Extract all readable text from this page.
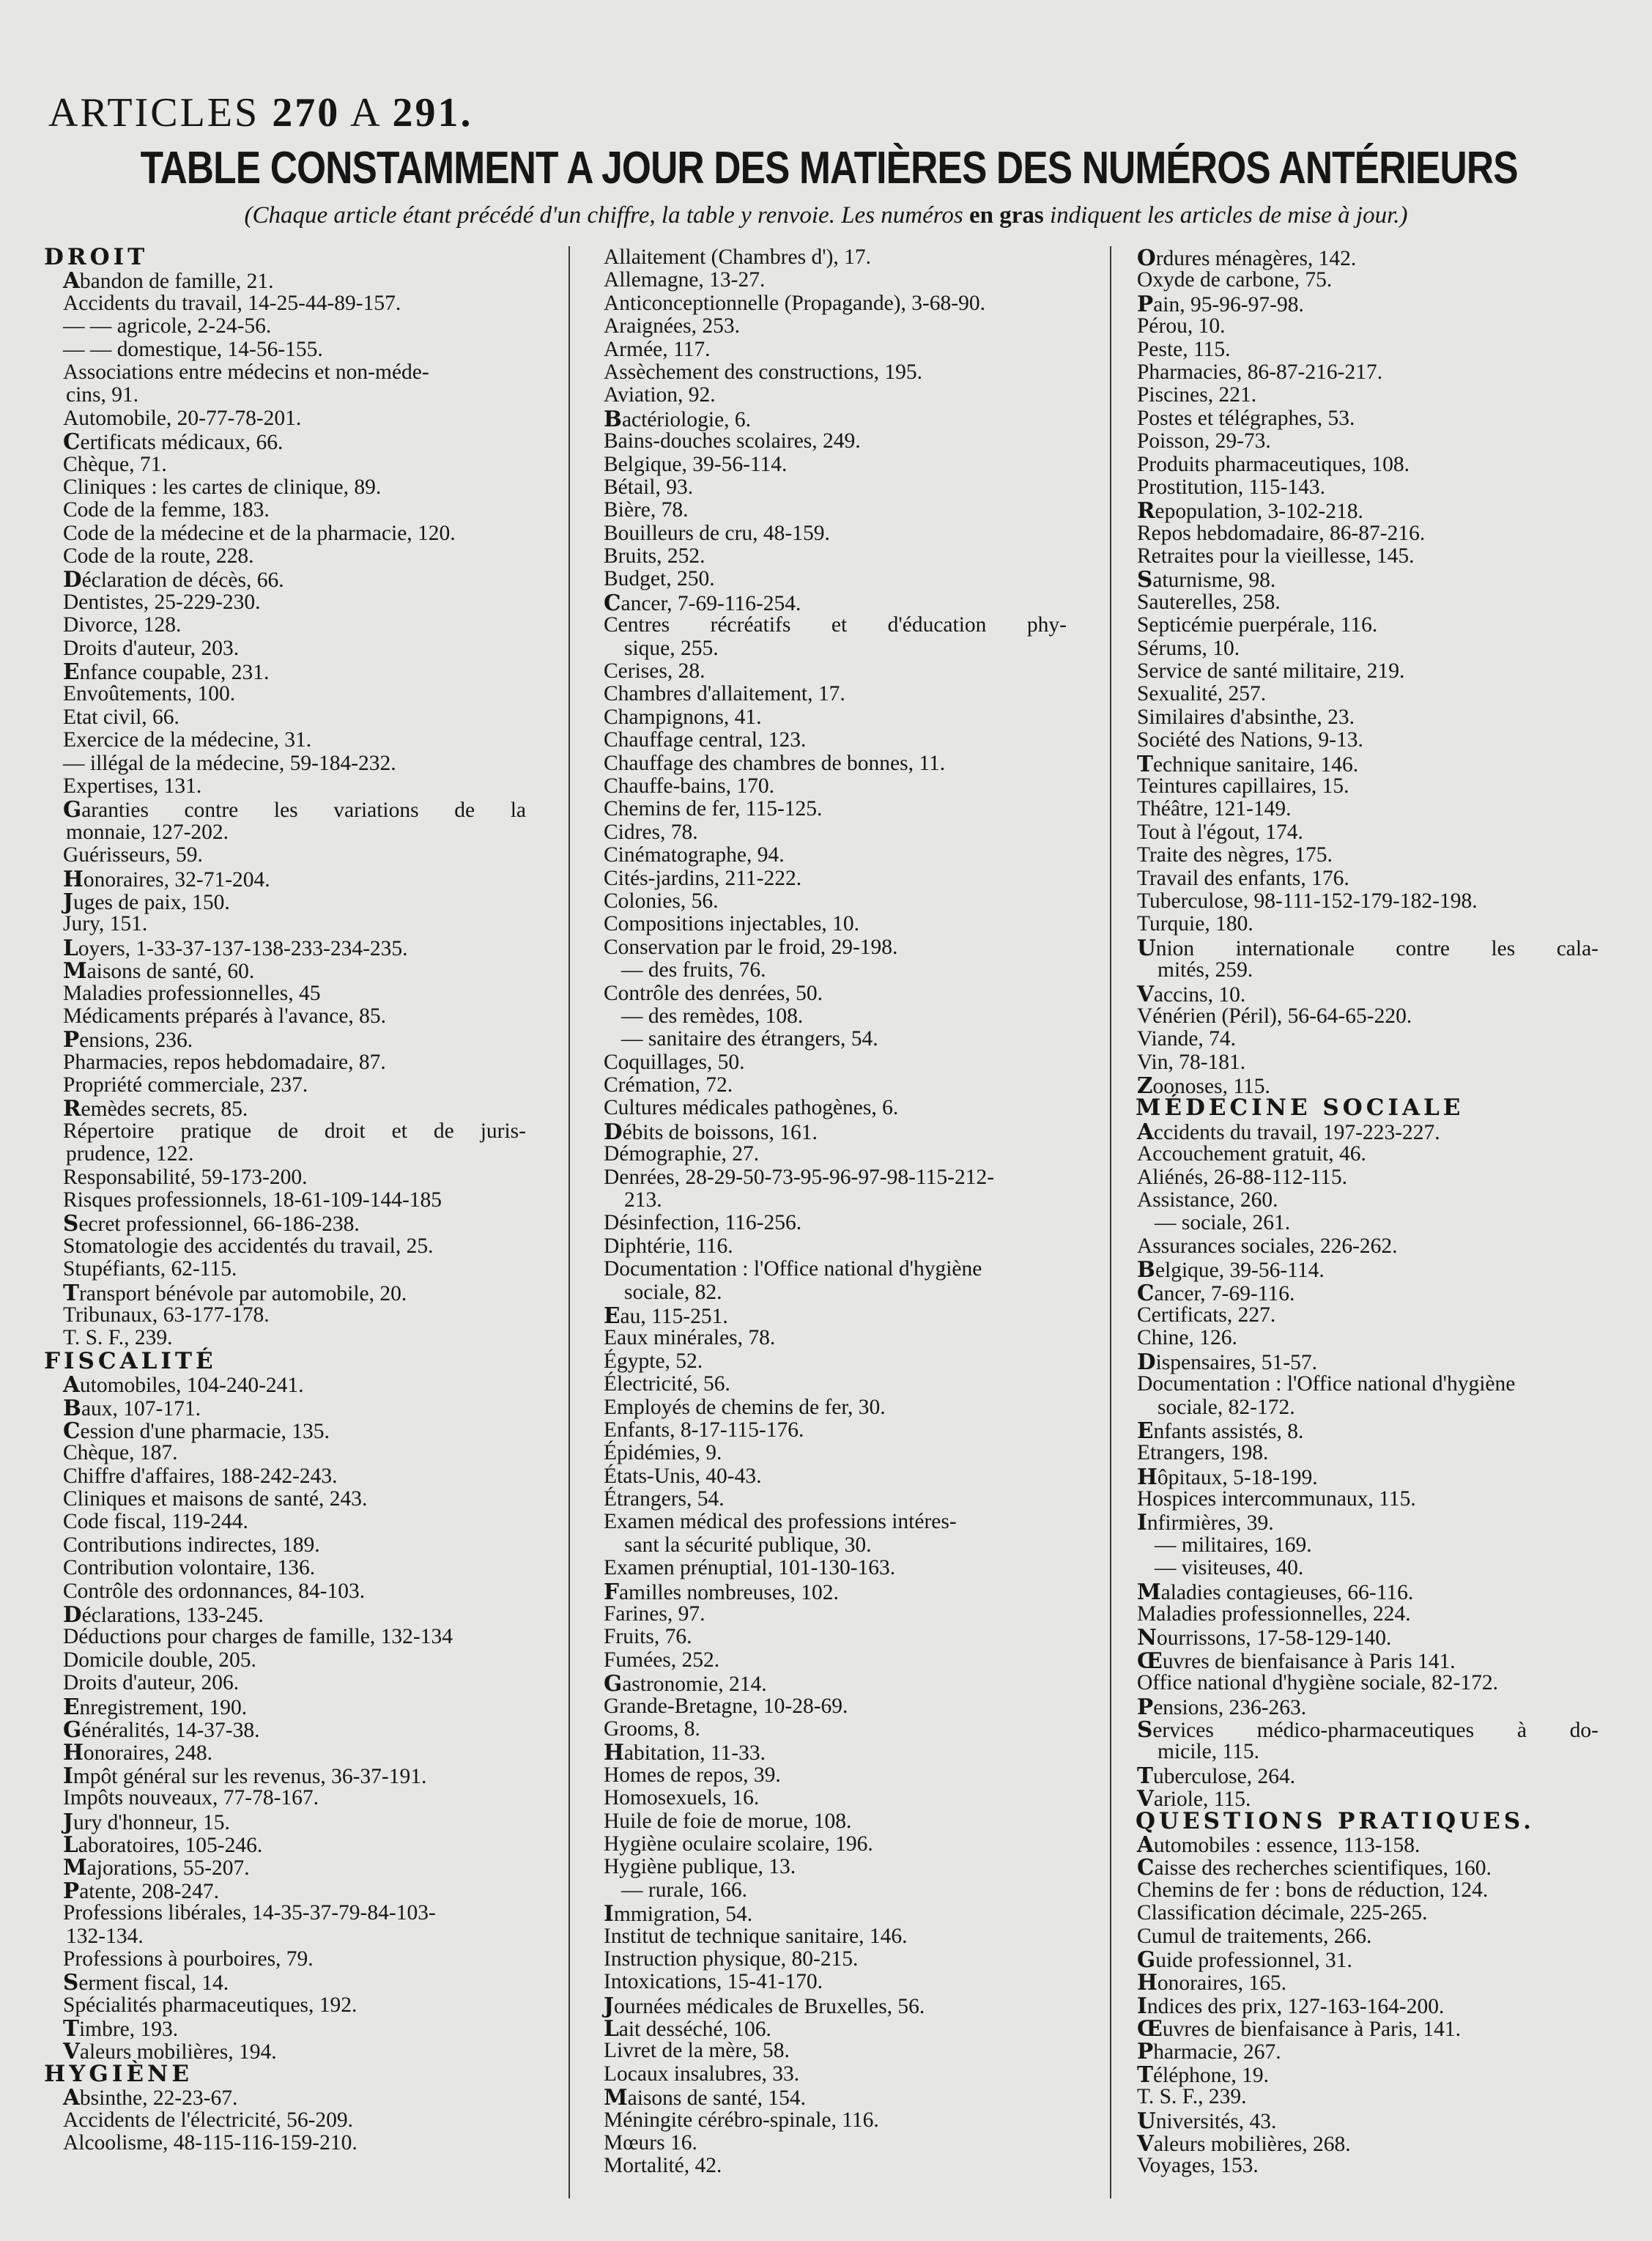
ARTICLES 270 A 291.
TABLE CONSTAMMENT A JOUR DES MATIÈRES DES NUMÉROS ANTÉRIEURS
(Chaque article étant précédé d'un chiffre, la table y renvoie. Les numéros en gras indiquent les articles de mise à jour.)
DROIT
Abandon de famille, 21.
Accidents du travail, 14-25-44-89-157.
— — agricole, 2-24-56.
— — domestique, 14-56-155.
Associations entre médecins et non-méde-
cins, 91.
Automobile, 20-77-78-201.
Certificats médicaux, 66.
Chèque, 71.
Cliniques : les cartes de clinique, 89.
Code de la femme, 183.
Code de la médecine et de la pharmacie, 120.
Code de la route, 228.
Déclaration de décès, 66.
Dentistes, 25-229-230.
Divorce, 128.
Droits d'auteur, 203.
Enfance coupable, 231.
Envoûtements, 100.
Etat civil, 66.
Exercice de la médecine, 31.
— illégal de la médecine, 59-184-232.
Expertises, 131.
Garanties contre les variations de la
monnaie, 127-202.
Guérisseurs, 59.
Honoraires, 32-71-204.
Juges de paix, 150.
Jury, 151.
Loyers, 1-33-37-137-138-233-234-235.
Maisons de santé, 60.
Maladies professionnelles, 45
Médicaments préparés à l'avance, 85.
Pensions, 236.
Pharmacies, repos hebdomadaire, 87.
Propriété commerciale, 237.
Remèdes secrets, 85.
Répertoire pratique de droit et de juris-
prudence, 122.
Responsabilité, 59-173-200.
Risques professionnels, 18-61-109-144-185
Secret professionnel, 66-186-238.
Stomatologie des accidentés du travail, 25.
Stupéfiants, 62-115.
Transport bénévole par automobile, 20.
Tribunaux, 63-177-178.
T. S. F., 239.
FISCALITÉ
Automobiles, 104-240-241.
Baux, 107-171.
Cession d'une pharmacie, 135.
Chèque, 187.
Chiffre d'affaires, 188-242-243.
Cliniques et maisons de santé, 243.
Code fiscal, 119-244.
Contributions indirectes, 189.
Contribution volontaire, 136.
Contrôle des ordonnances, 84-103.
Déclarations, 133-245.
Déductions pour charges de famille, 132-134
Domicile double, 205.
Droits d'auteur, 206.
Enregistrement, 190.
Généralités, 14-37-38.
Honoraires, 248.
Impôt général sur les revenus, 36-37-191.
Impôts nouveaux, 77-78-167.
Jury d'honneur, 15.
Laboratoires, 105-246.
Majorations, 55-207.
Patente, 208-247.
Professions libérales, 14-35-37-79-84-103-
132-134.
Professions à pourboires, 79.
Serment fiscal, 14.
Spécialités pharmaceutiques, 192.
Timbre, 193.
Valeurs mobilières, 194.
HYGIÈNE
Absinthe, 22-23-67.
Accidents de l'électricité, 56-209.
Alcoolisme, 48-115-116-159-210.
Allaitement (Chambres d'), 17.
Allemagne, 13-27.
Anticonceptionnelle (Propagande), 3-68-90.
Araignées, 253.
Armée, 117.
Assèchement des constructions, 195.
Aviation, 92.
Bactériologie, 6.
Bains-douches scolaires, 249.
Belgique, 39-56-114.
Bétail, 93.
Bière, 78.
Bouilleurs de cru, 48-159.
Bruits, 252.
Budget, 250.
Cancer, 7-69-116-254.
Centres récréatifs et d'éducation phy-
sique, 255.
Cerises, 28.
Chambres d'allaitement, 17.
Champignons, 41.
Chauffage central, 123.
Chauffage des chambres de bonnes, 11.
Chauffe-bains, 170.
Chemins de fer, 115-125.
Cidres, 78.
Cinématographe, 94.
Cités-jardins, 211-222.
Colonies, 56.
Compositions injectables, 10.
Conservation par le froid, 29-198.
— des fruits, 76.
Contrôle des denrées, 50.
— des remèdes, 108.
— sanitaire des étrangers, 54.
Coquillages, 50.
Crémation, 72.
Cultures médicales pathogènes, 6.
Débits de boissons, 161.
Démographie, 27.
Denrées, 28-29-50-73-95-96-97-98-115-212-
213.
Désinfection, 116-256.
Diphtérie, 116.
Documentation : l'Office national d'hygiène
sociale, 82.
Eau, 115-251.
Eaux minérales, 78.
Égypte, 52.
Électricité, 56.
Employés de chemins de fer, 30.
Enfants, 8-17-115-176.
Épidémies, 9.
États-Unis, 40-43.
Étrangers, 54.
Examen médical des professions intéres-
sant la sécurité publique, 30.
Examen prénuptial, 101-130-163.
Familles nombreuses, 102.
Farines, 97.
Fruits, 76.
Fumées, 252.
Gastronomie, 214.
Grande-Bretagne, 10-28-69.
Grooms, 8.
Habitation, 11-33.
Homes de repos, 39.
Homosexuels, 16.
Huile de foie de morue, 108.
Hygiène oculaire scolaire, 196.
Hygiène publique, 13.
— rurale, 166.
Immigration, 54.
Institut de technique sanitaire, 146.
Instruction physique, 80-215.
Intoxications, 15-41-170.
Journées médicales de Bruxelles, 56.
Lait desséché, 106.
Livret de la mère, 58.
Locaux insalubres, 33.
Maisons de santé, 154.
Méningite cérébro-spinale, 116.
Mœurs 16.
Mortalité, 42.
Ordures ménagères, 142.
Oxyde de carbone, 75.
Pain, 95-96-97-98.
Pérou, 10.
Peste, 115.
Pharmacies, 86-87-216-217.
Piscines, 221.
Postes et télégraphes, 53.
Poisson, 29-73.
Produits pharmaceutiques, 108.
Prostitution, 115-143.
Repopulation, 3-102-218.
Repos hebdomadaire, 86-87-216.
Retraites pour la vieillesse, 145.
Saturnisme, 98.
Sauterelles, 258.
Septicémie puerpérale, 116.
Sérums, 10.
Service de santé militaire, 219.
Sexualité, 257.
Similaires d'absinthe, 23.
Société des Nations, 9-13.
Technique sanitaire, 146.
Teintures capillaires, 15.
Théâtre, 121-149.
Tout à l'égout, 174.
Traite des nègres, 175.
Travail des enfants, 176.
Tuberculose, 98-111-152-179-182-198.
Turquie, 180.
Union internationale contre les cala-
mités, 259.
Vaccins, 10.
Vénérien (Péril), 56-64-65-220.
Viande, 74.
Vin, 78-181.
Zoonoses, 115.
MÉDECINE SOCIALE
Accidents du travail, 197-223-227.
Accouchement gratuit, 46.
Aliénés, 26-88-112-115.
Assistance, 260.
— sociale, 261.
Assurances sociales, 226-262.
Belgique, 39-56-114.
Cancer, 7-69-116.
Certificats, 227.
Chine, 126.
Dispensaires, 51-57.
Documentation : l'Office national d'hygiène
sociale, 82-172.
Enfants assistés, 8.
Etrangers, 198.
Hôpitaux, 5-18-199.
Hospices intercommunaux, 115.
Infirmières, 39.
— militaires, 169.
— visiteuses, 40.
Maladies contagieuses, 66-116.
Maladies professionnelles, 224.
Nourrissons, 17-58-129-140.
Œuvres de bienfaisance à Paris 141.
Office national d'hygiène sociale, 82-172.
Pensions, 236-263.
Services médico-pharmaceutiques à do-
micile, 115.
Tuberculose, 264.
Variole, 115.
QUESTIONS PRATIQUES.
Automobiles : essence, 113-158.
Caisse des recherches scientifiques, 160.
Chemins de fer : bons de réduction, 124.
Classification décimale, 225-265.
Cumul de traitements, 266.
Guide professionnel, 31.
Honoraires, 165.
Indices des prix, 127-163-164-200.
Œuvres de bienfaisance à Paris, 141.
Pharmacie, 267.
Téléphone, 19.
T. S. F., 239.
Universités, 43.
Valeurs mobilières, 268.
Voyages, 153.
